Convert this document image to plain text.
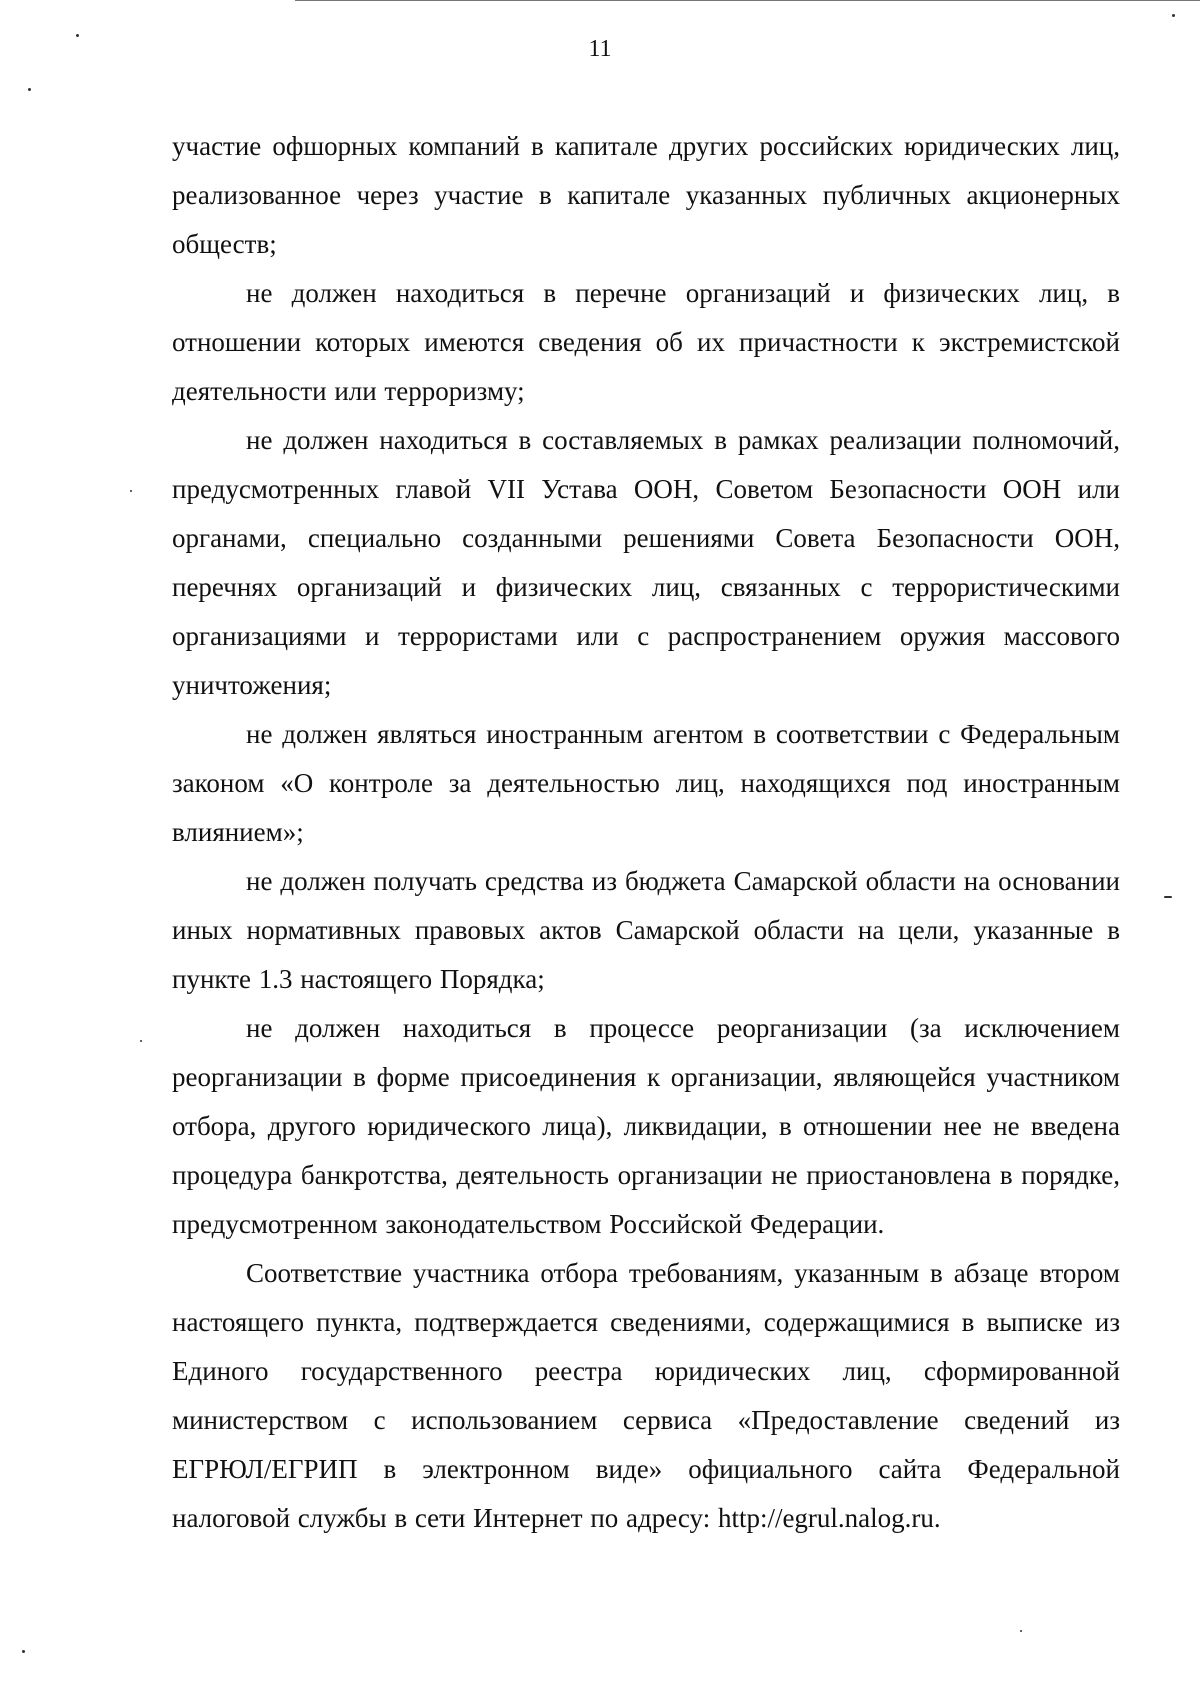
11

участие офшорных компаний в капитале других российских юридических лиц, реализованное через участие в капитале указанных публичных акционерных обществ;

не должен находиться в перечне организаций и физических лиц, в отношении которых имеются сведения об их причастности к экстремистской деятельности или терроризму;

не должен находиться в составляемых в рамках реализации полномочий, предусмотренных главой VII Устава ООН, Советом Безопасности ООН или органами, специально созданными решениями Совета Безопасности ООН, перечнях организаций и физических лиц, связанных с террористическими организациями и террористами или с распространением оружия массового уничтожения;

не должен являться иностранным агентом в соответствии с Федеральным законом «О контроле за деятельностью лиц, находящихся под иностранным влиянием»;

не должен получать средства из бюджета Самарской области на основании иных нормативных правовых актов Самарской области на цели, указанные в пункте 1.3 настоящего Порядка;

не должен находиться в процессе реорганизации (за исключением реорганизации в форме присоединения к организации, являющейся участником отбора, другого юридического лица), ликвидации, в отношении нее не введена процедура банкротства, деятельность организации не приостановлена в порядке, предусмотренном законодательством Российской Федерации.

Соответствие участника отбора требованиям, указанным в абзаце втором настоящего пункта, подтверждается сведениями, содержащимися в выписке из Единого государственного реестра юридических лиц, сформированной министерством с использованием сервиса «Предоставление сведений из ЕГРЮЛ/ЕГРИП в электронном виде» официального сайта Федеральной налоговой службы в сети Интернет по адресу: http://egrul.nalog.ru.
